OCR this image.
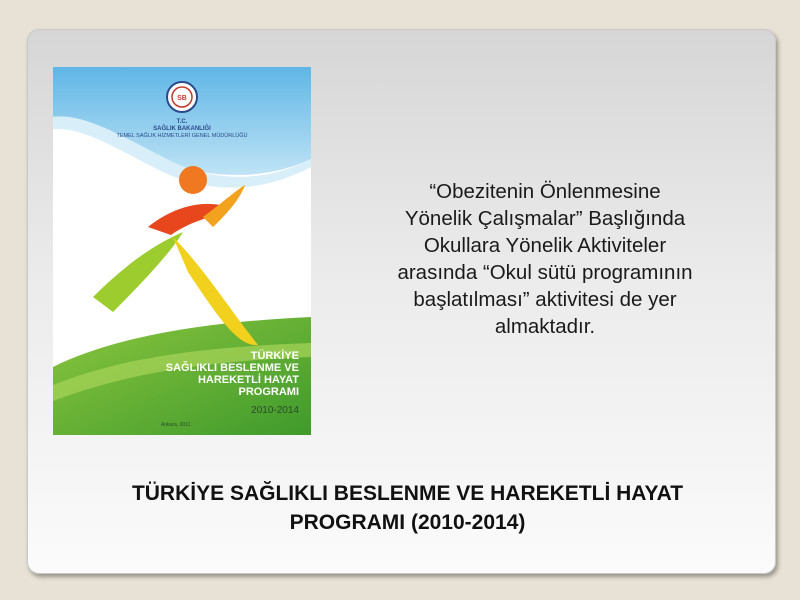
SB
T.C.
SAĞLIK BAKANLIĞI
TEMEL SAĞLIK HİZMETLERİ GENEL MÜDÜRLÜĞÜ
TÜRKİYE
SAĞLIKLI BESLENME VE
HAREKETLİ HAYAT
PROGRAMI
2010-2014
Ankara, 2011
“Obezitenin Önlenmesine
Yönelik Çalışmalar” Başlığında
Okullara Yönelik Aktiviteler
arasında “Okul sütü programının
başlatılması” aktivitesi de yer
almaktadır.
TÜRKİYE SAĞLIKLI BESLENME VE HAREKETLİ HAYAT
PROGRAMI (2010-2014)
